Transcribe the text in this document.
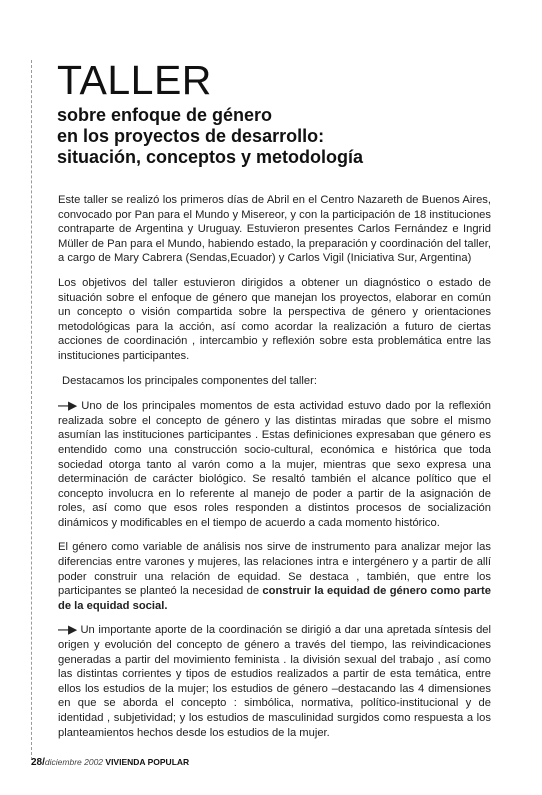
TALLER
sobre enfoque de género
en los proyectos de desarrollo:
situación, conceptos y metodología

Este taller se realizó los primeros días de Abril en el Centro Nazareth de Buenos Aires, convocado por Pan para el Mundo y Misereor, y con la participación de 18 instituciones contraparte de Argentina y Uruguay. Estuvieron presentes Carlos Fernández e Ingrid Müller de Pan para el Mundo, habiendo estado, la preparación y coordinación del taller, a cargo de Mary Cabrera (Sendas,Ecuador) y Carlos Vigil (Iniciativa Sur, Argentina)

Los objetivos del taller estuvieron dirigidos a obtener un diagnóstico o estado de situación sobre el enfoque de género que manejan los proyectos, elaborar en común un concepto o visión compartida sobre la perspectiva de género y orientaciones metodológicas para la acción, así como acordar la realización a futuro de ciertas acciones de coordinación , intercambio y reflexión sobre esta problemática entre las instituciones participantes.

Destacamos los principales componentes del taller:

—▶ Uno de los principales momentos de esta actividad estuvo dado por la reflexión realizada sobre el concepto de género y las distintas miradas que sobre el mismo asumían las instituciones participantes . Estas definiciones expresaban que género es entendido como una construcción socio-cultural, económica e histórica que toda sociedad otorga tanto al varón como a la mujer, mientras que sexo expresa una determinación de carácter biológico. Se resaltó también el alcance político que el concepto involucra en lo referente al manejo de poder a partir de la asignación de roles, así como que esos roles responden a distintos procesos de socialización dinámicos y modificables en el tiempo de acuerdo a cada momento histórico.

El género como variable de análisis nos sirve de instrumento para analizar mejor las diferencias entre varones y mujeres, las relaciones intra e intergénero y a partir de allí poder construir una relación de equidad. Se destaca , también, que entre los participantes se planteó la necesidad de construir la equidad de género como parte de la equidad social.

—▶ Un importante aporte de la coordinación se dirigió a dar una apretada síntesis del origen y evolución del concepto de género a través del tiempo, las reivindicaciones generadas a partir del movimiento feminista . la división sexual del trabajo , así como las distintas corrientes y tipos de estudios realizados a partir de esta temática, entre ellos los estudios de la mujer; los estudios de género –destacando las 4 dimensiones en que se aborda el concepto : simbólica, normativa, político-institucional y de identidad , subjetividad; y los estudios de masculinidad surgidos como respuesta a los planteamientos hechos desde los estudios de la mujer.

28/diciembre 2002 VIVIENDA POPULAR
